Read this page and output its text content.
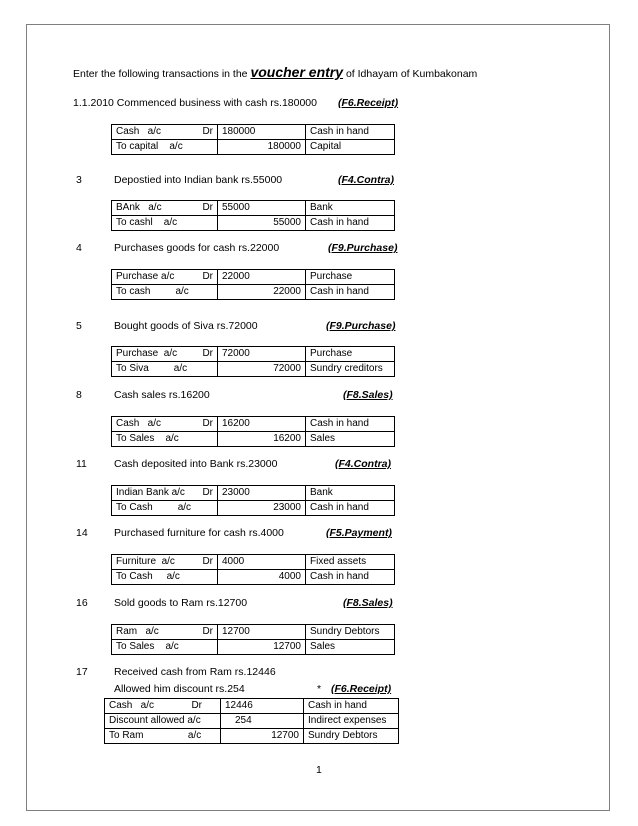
Enter the following transactions in the voucher entry of Idhayam of Kumbakonam
1.1.2010 Commenced business with cash rs.180000 (F6.Receipt)
Cash   a/c Dr	180000	Cash in hand
To capital    a/c	180000	Capital
3	Depostied into Indian bank rs.55000	(F4.Contra)
BAnk   a/c Dr	55000	Bank
To cashl    a/c	55000	Cash in hand
4	Purchases goods for cash rs.22000	(F9.Purchase)
Purchase a/c Dr	22000	Purchase
To cash         a/c	22000	Cash in hand
5	Bought goods of Siva rs.72000	(F9.Purchase)
Purchase  a/c Dr	72000	Purchase
To Siva         a/c	72000	Sundry creditors
8	Cash sales rs.16200	(F8.Sales)
Cash   a/c Dr	16200	Cash in hand
To Sales    a/c	16200	Sales
11	Cash deposited into Bank rs.23000	(F4.Contra)
Indian Bank a/c Dr	23000	Bank
To Cash         a/c	23000	Cash in hand
14	Purchased furniture for cash rs.4000	(F5.Payment)
Furniture  a/c Dr	4000	Fixed assets
To Cash     a/c	4000	Cash in hand
16	Sold goods to Ram rs.12700	(F8.Sales)
Ram   a/c Dr	12700	Sundry Debtors
To Sales    a/c	12700	Sales
17	Received cash from Ram rs.12446
Allowed him discount rs.254	* (F6.Receipt)
Cash   a/c Dr	12446	Cash in hand
Discount allowed a/c	254	Indirect expenses
To Ram                a/c	12700	Sundry Debtors
1
